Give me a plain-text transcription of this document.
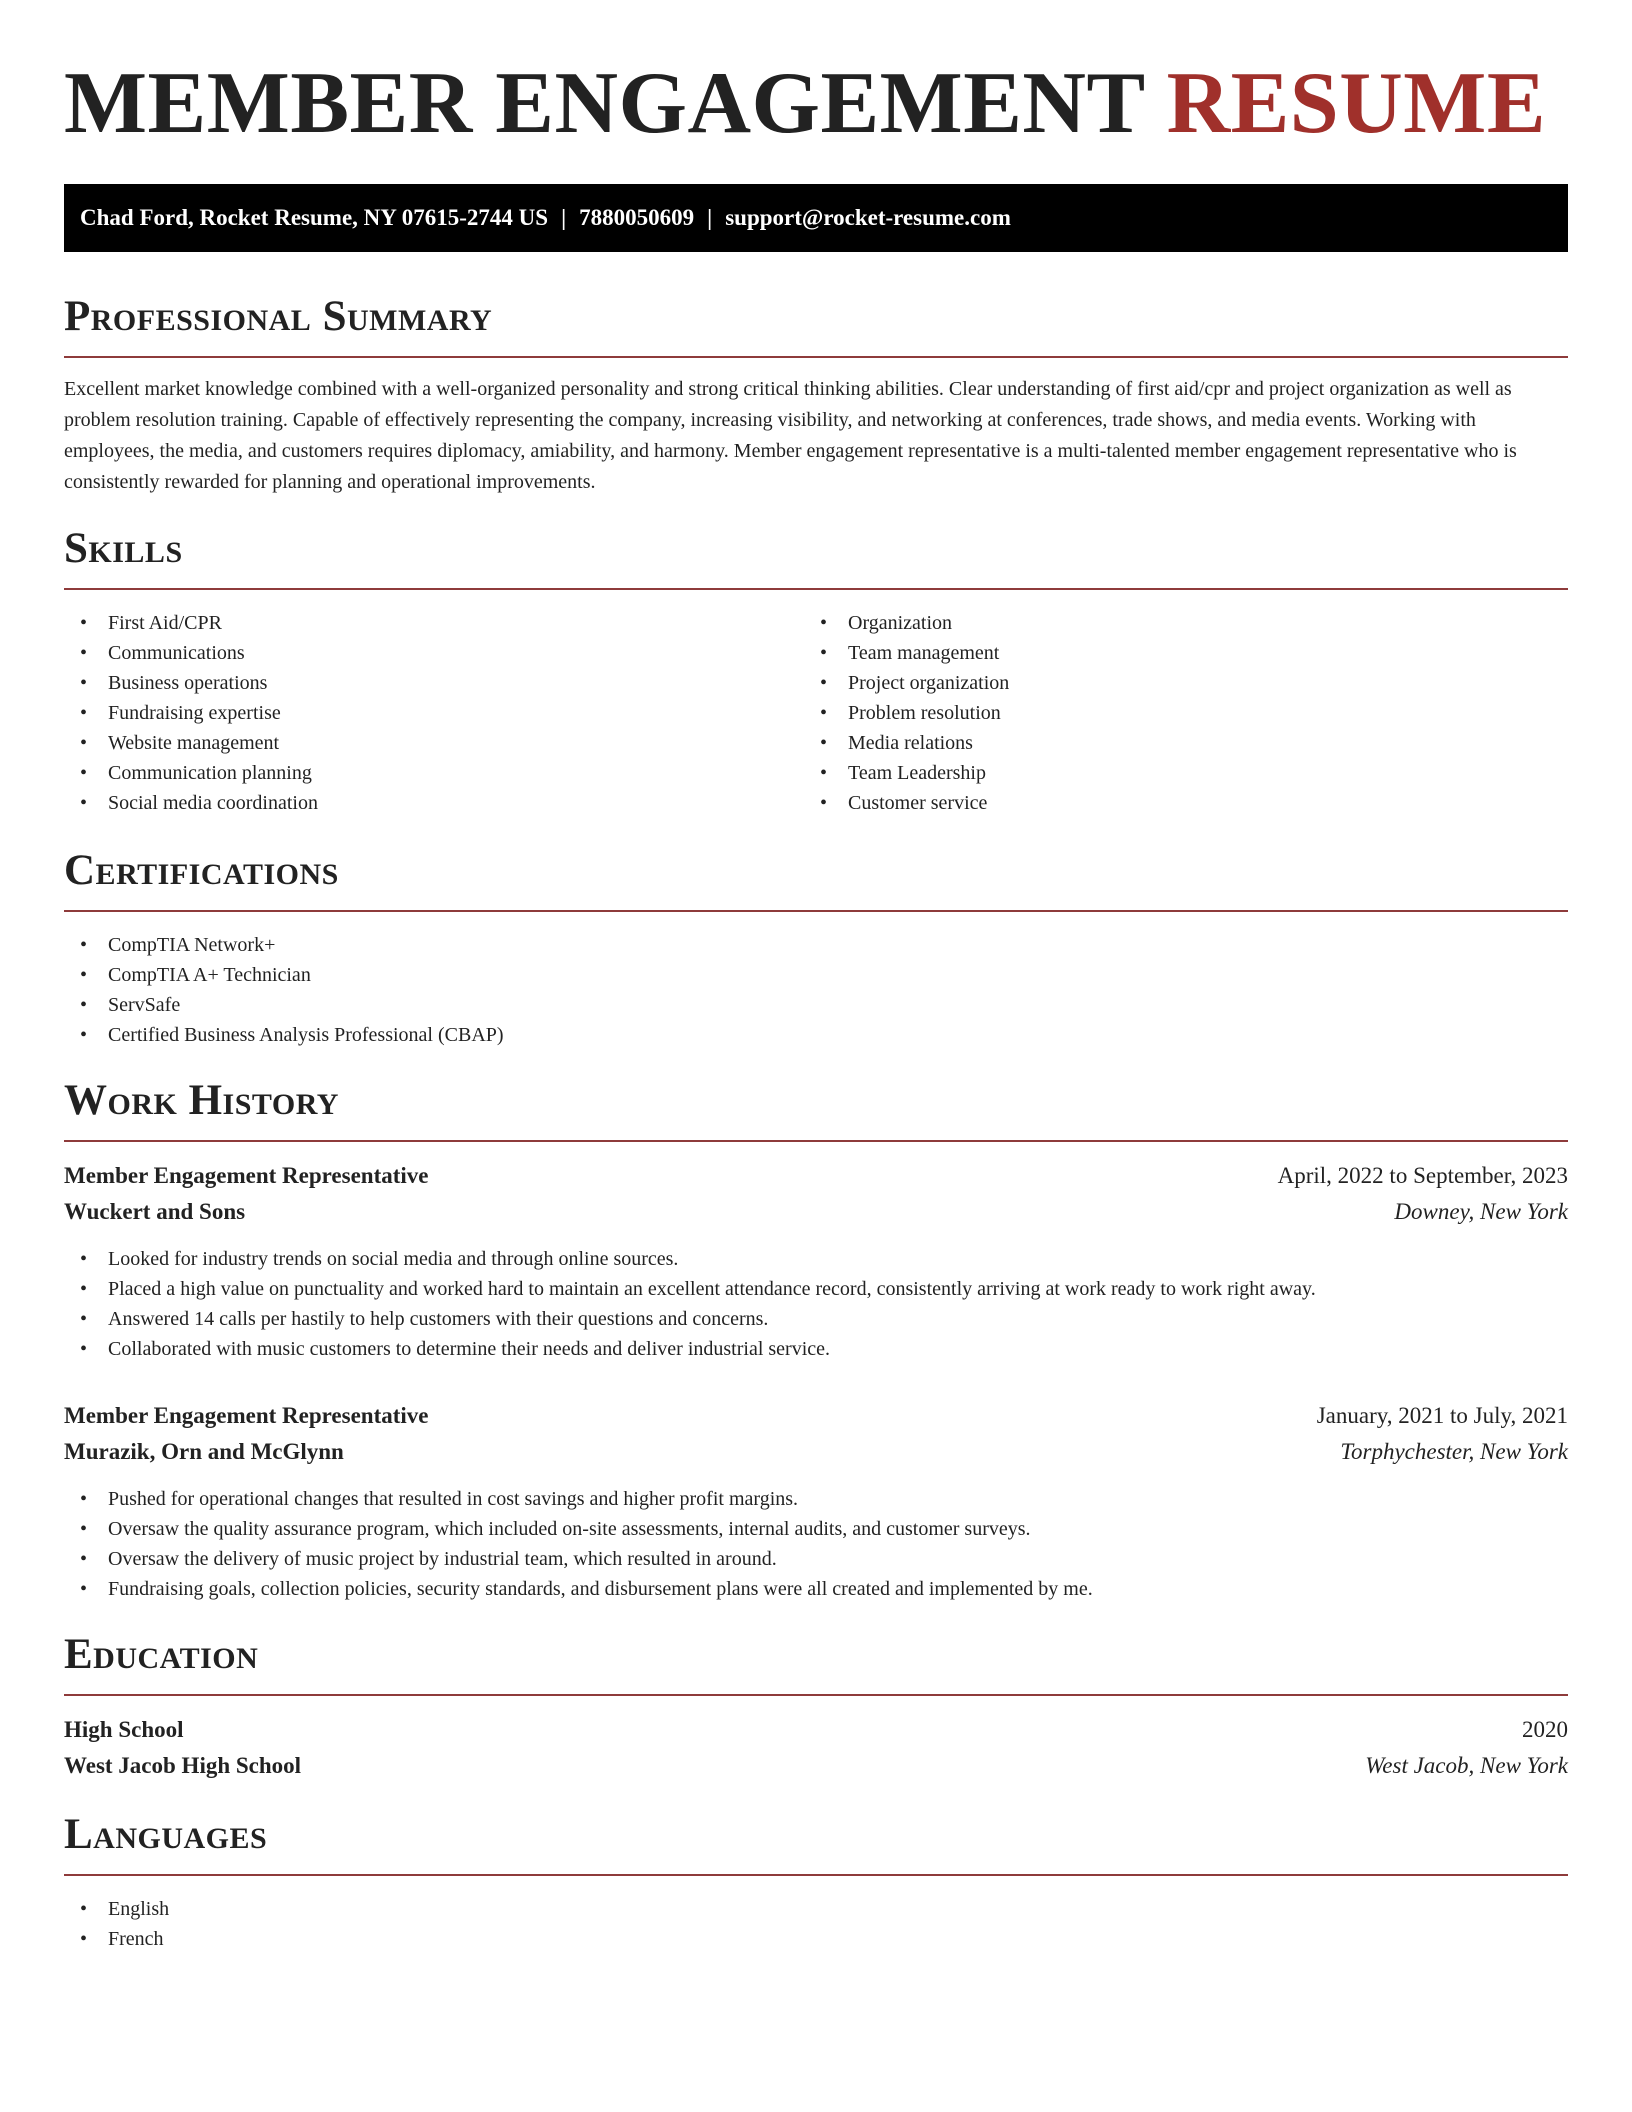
MEMBER ENGAGEMENT RESUME
Chad Ford, Rocket Resume, NY 07615-2744 US | 7880050609 | support@rocket-resume.com
Professional Summary

Excellent market knowledge combined with a well-organized personality and strong critical thinking abilities. Clear understanding of first aid/cpr and project organization as well as problem resolution training. Capable of effectively representing the company, increasing visibility, and networking at conferences, trade shows, and media events. Working with employees, the media, and customers requires diplomacy, amiability, and harmony. Member engagement representative is a multi-talented member engagement representative who is consistently rewarded for planning and operational improvements.

Skills
• First Aid/CPR
• Communications
• Business operations
• Fundraising expertise
• Website management
• Communication planning
• Social media coordination
• Organization
• Team management
• Project organization
• Problem resolution
• Media relations
• Team Leadership
• Customer service
Certifications
• CompTIA Network+
• CompTIA A+ Technician
• ServSafe
• Certified Business Analysis Professional (CBAP)
Work History
Member Engagement Representative	April, 2022 to September, 2023
Wuckert and Sons	Downey, New York
• Looked for industry trends on social media and through online sources.
• Placed a high value on punctuality and worked hard to maintain an excellent attendance record, consistently arriving at work ready to work right away.
• Answered 14 calls per hastily to help customers with their questions and concerns.
• Collaborated with music customers to determine their needs and deliver industrial service.
Member Engagement Representative	January, 2021 to July, 2021
Murazik, Orn and McGlynn	Torphychester, New York
• Pushed for operational changes that resulted in cost savings and higher profit margins.
• Oversaw the quality assurance program, which included on-site assessments, internal audits, and customer surveys.
• Oversaw the delivery of music project by industrial team, which resulted in around.
• Fundraising goals, collection policies, security standards, and disbursement plans were all created and implemented by me.
Education
High School	2020
West Jacob High School	West Jacob, New York
Languages
• English
• French
